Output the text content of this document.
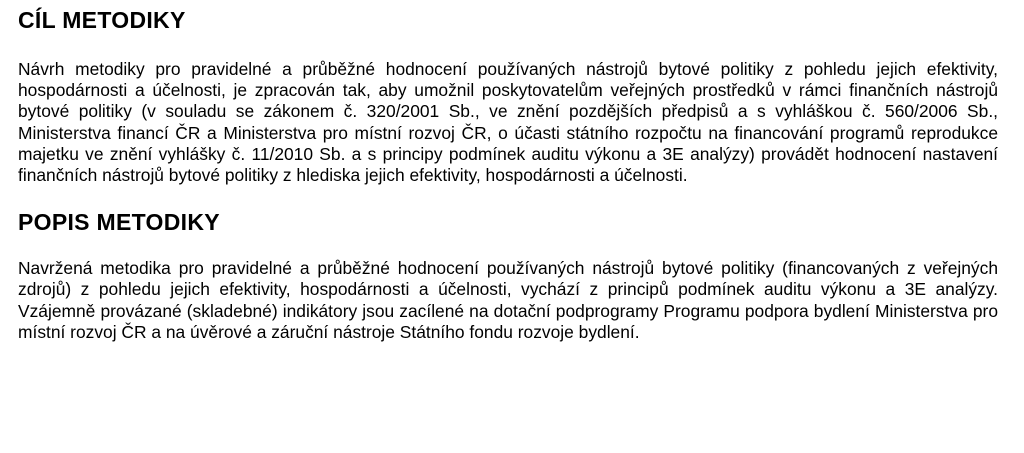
CÍL METODIKY

Návrh metodiky pro pravidelné a průběžné hodnocení používaných nástrojů bytové politiky z pohledu jejich efektivity, hospodárnosti a účelnosti, je zpracován tak, aby umožnil poskytovatelům veřejných prostředků v rámci finančních nástrojů bytové politiky (v souladu se zákonem č. 320/2001 Sb., ve znění pozdějších předpisů a s vyhláškou č. 560/2006 Sb., Ministerstva financí ČR a Ministerstva pro místní rozvoj ČR, o účasti státního rozpočtu na financování programů reprodukce majetku ve znění vyhlášky č. 11/2010 Sb. a s principy podmínek auditu výkonu a 3E analýzy) provádět hodnocení nastavení finančních nástrojů bytové politiky z hlediska jejich efektivity, hospodárnosti a účelnosti.

POPIS METODIKY

Navržená metodika pro pravidelné a průběžné hodnocení používaných nástrojů bytové politiky (financovaných z veřejných zdrojů) z pohledu jejich efektivity, hospodárnosti a účelnosti, vychází z principů podmínek auditu výkonu a 3E analýzy. Vzájemně provázané (skladebné) indikátory jsou zacílené na dotační podprogramy Programu podpora bydlení Ministerstva pro místní rozvoj ČR a na úvěrové a záruční nástroje Státního fondu rozvoje bydlení.
